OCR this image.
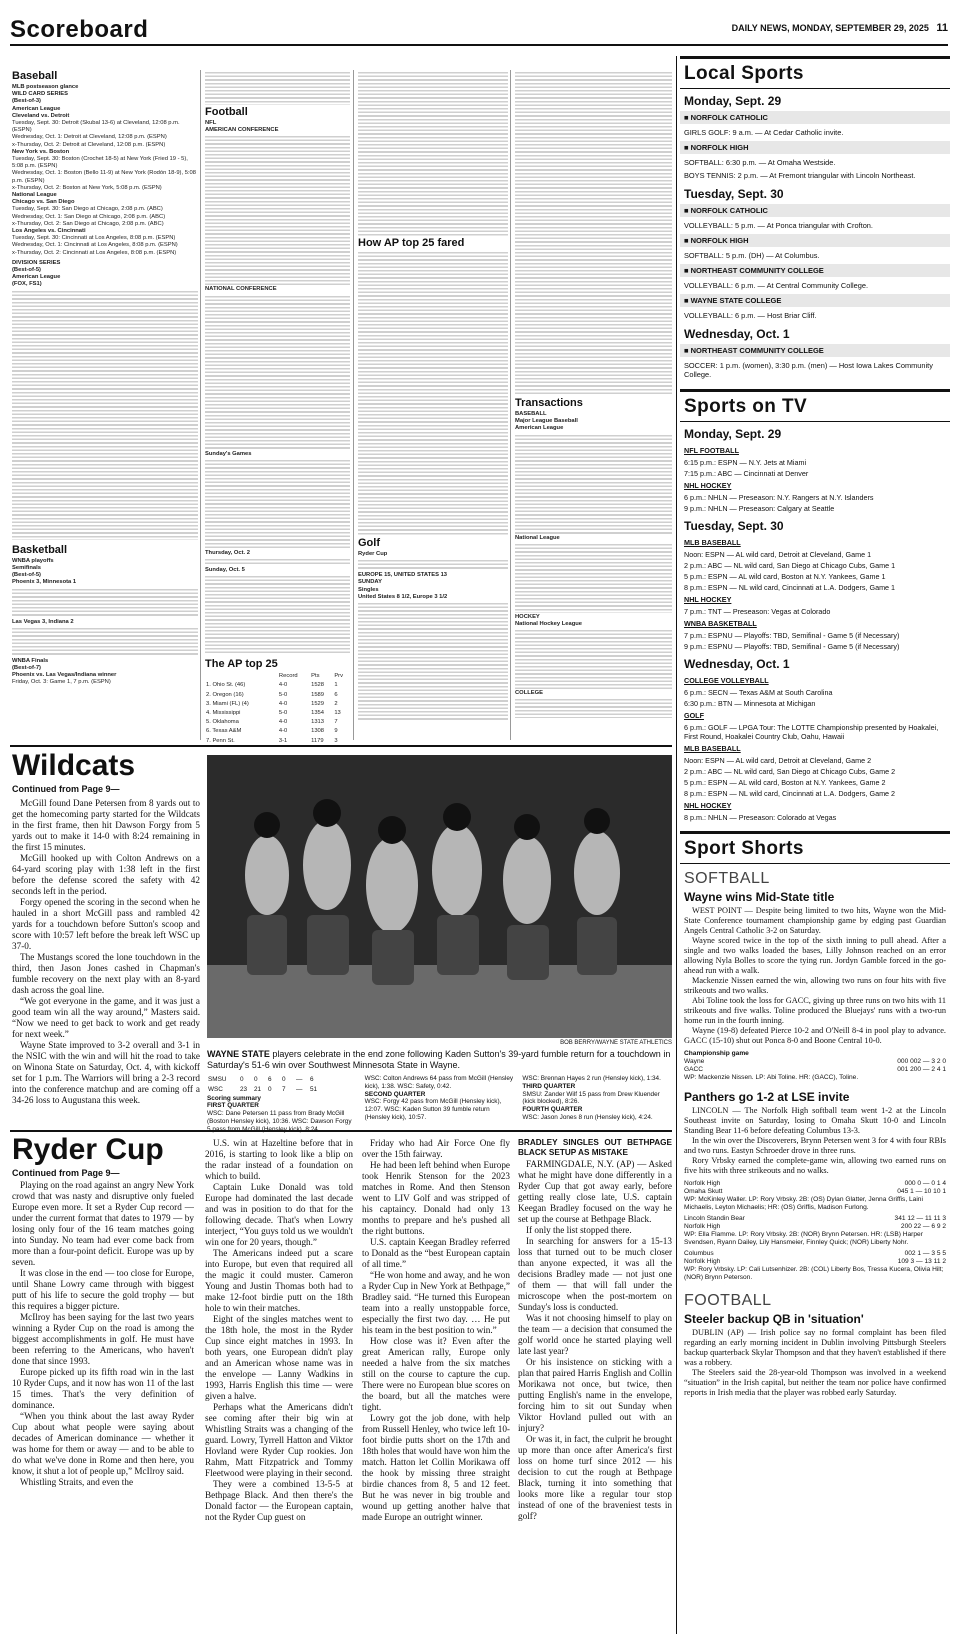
Scoreboard	DAILY NEWS, MONDAY, SEPTEMBER 29, 2025 11
Baseball

MLB postseason glance

WILD CARD SERIES

(Best-of-3)

American League

Cleveland vs. Detroit

Tuesday, Sept. 30: Detroit (Skubal 13-6) at Cleveland, 12:08 p.m. (ESPN)

Wednesday, Oct. 1: Detroit at Cleveland, 12:08 p.m. (ESPN)

x-Thursday, Oct. 2: Detroit at Cleveland, 12:08 p.m. (ESPN)

New York vs. Boston

Tuesday, Sept. 30: Boston (Crochet 18-5) at New York (Fried 19 - 5), 5:08 p.m. (ESPN)

Wednesday, Oct. 1: Boston (Bello 11-9) at New York (Rodón 18-9), 5:08 p.m. (ESPN)

x-Thursday, Oct. 2: Boston at New York, 5:08 p.m. (ESPN)

National League

Chicago vs. San Diego

Tuesday, Sept. 30: San Diego at Chicago, 2:08 p.m. (ABC)

Wednesday, Oct. 1: San Diego at Chicago, 2:08 p.m. (ABC)

x-Thursday, Oct. 2: San Diego at Chicago, 2:08 p.m. (ABC)

Los Angeles vs. Cincinnati

Tuesday, Sept. 30: Cincinnati at Los Angeles, 8:08 p.m. (ESPN)

Wednesday, Oct. 1: Cincinnati at Los Angeles, 8:08 p.m. (ESPN)

x-Thursday, Oct. 2: Cincinnati at Los Angeles, 8:08 p.m. (ESPN)

DIVISION SERIES

(Best-of-5)

American League

(FOX, FS1)

Basketball

WNBA playoffs

Semifinals

(Best-of-5)

Phoenix 3, Minnesota 1

Las Vegas 3, Indiana 2

WNBA Finals

(Best-of-7)

Phoenix vs. Las Vegas/Indiana winner

Friday, Oct. 3: Game 1, 7 p.m. (ESPN)

Football

NFL

AMERICAN CONFERENCE

NATIONAL CONFERENCE

Sunday's Games

Thursday, Oct. 2

Sunday, Oct. 5

The AP top 25
		Record	Pts	Prv
1. Ohio St. (46)		4-0	1528	1
2. Oregon (16)		5-0	1589	6
3. Miami (FL) (4)		4-0	1529	2
4. Mississippi		5-0	1354	13
5. Oklahoma		4-0	1313	7
6. Texas A&M		4-0	1308	9
7. Penn St.		3-1	1179	3
How AP top 25 fared
Golf

Ryder Cup

EUROPE 15, UNITED STATES 13

SUNDAY

Singles

United States 8 1/2, Europe 3 1/2

Transactions

BASEBALL

Major League Baseball

American League

National League

HOCKEY

National Hockey League

COLLEGE

Wildcats
Continued from Page 9—

McGill found Dane Petersen from 8 yards out to get the homecoming party started for the Wildcats in the first frame, then hit Dawson Forgy from 5 yards out to make it 14-0 with 8:24 remaining in the first 15 minutes.

McGill hooked up with Colton Andrews on a 64-yard scoring play with 1:38 left in the first before the defense scored the safety with 42 seconds left in the period.

Forgy opened the scoring in the second when he hauled in a short McGill pass and rambled 42 yards for a touchdown before Sutton's scoop and score with 10:57 left before the break left WSC up 37-0.

The Mustangs scored the lone touchdown in the third, then Jason Jones cashed in Chapman's fumble recovery on the next play with an 8-yard dash across the goal line.

“We got everyone in the game, and it was just a good team win all the way around,” Masters said. “Now we need to get back to work and get ready for next week.”

Wayne State improved to 3-2 overall and 3-1 in the NSIC with the win and will hit the road to take on Winona State on Saturday, Oct. 4, with kickoff set for 1 p.m. The Warriors will bring a 2-3 record into the conference matchup and are coming off a 34-26 loss to Augustana this week.

BOB BERRY/WAYNE STATE ATHLETICS
WAYNE STATE players celebrate in the end zone following Kaden Sutton's 39-yard fumble return for a touchdown in Saturday's 51-6 win over Southwest Minnesota State in Wayne.
SMSU	0	0	6	0	—	6
WSC	23	21	0	7	—	51
Scoring summary
FIRST QUARTER
WSC: Dane Petersen 11 pass from Brady McGill (Boston Hensley kick), 10:36. WSC: Dawson Forgy 5 pass from McGill (Hensley kick), 8:24.
WSC: Colton Andrews 64 pass from McGill (Hensley kick), 1:38. WSC: Safety, 0:42.
SECOND QUARTER
WSC: Forgy 42 pass from McGill (Hensley kick), 12:07. WSC: Kaden Sutton 39 fumble return (Hensley kick), 10:57.
WSC: Brennan Hayes 2 run (Hensley kick), 1:34.
THIRD QUARTER
SMSU: Zander Wilf 15 pass from Drew Kluender (kick blocked), 8:26.
FOURTH QUARTER
WSC: Jason Jones 8 run (Hensley kick), 4:24.
Ryder Cup
Continued from Page 9—

Playing on the road against an angry New York crowd that was nasty and disruptive only fueled Europe even more. It set a Ryder Cup record — under the current format that dates to 1979 — by losing only four of the 16 team matches going into Sunday. No team had ever come back from more than a four-point deficit. Europe was up by seven.

It was close in the end — too close for Europe, until Shane Lowry came through with biggest putt of his life to secure the gold trophy — but this requires a bigger picture.

McIlroy has been saying for the last two years winning a Ryder Cup on the road is among the biggest accomplishments in golf. He must have been referring to the Americans, who haven't done that since 1993.

Europe picked up its fifth road win in the last 10 Ryder Cups, and it now has won 11 of the last 15 times. That's the very definition of dominance.

“When you think about the last away Ryder Cup about what people were saying about decades of American dominance — whether it was home for them or away — and to be able to do what we've done in Rome and then here, you know, it shut a lot of people up,” McIlroy said.

Whistling Straits, and even the

U.S. win at Hazeltine before that in 2016, is starting to look like a blip on the radar instead of a foundation on which to build.

Captain Luke Donald was told Europe had dominated the last decade and was in position to do that for the following decade. That's when Lowry interject, “You guys told us we wouldn't win one for 20 years, though.”

The Americans indeed put a scare into Europe, but even that required all the magic it could muster. Cameron Young and Justin Thomas both had to make 12-foot birdie putt on the 18th hole to win their matches.

Eight of the singles matches went to the 18th hole, the most in the Ryder Cup since eight matches in 1993. In both years, one European didn't play and an American whose name was in the envelope — Lanny Wadkins in 1993, Harris English this time — were given a halve.

Perhaps what the Americans didn't see coming after their big win at Whistling Straits was a changing of the guard. Lowry, Tyrrell Hatton and Viktor Hovland were Ryder Cup rookies. Jon Rahm, Matt Fitzpatrick and Tommy Fleetwood were playing in their second.

They were a combined 13-5-5 at Bethpage Black. And then there's the Donald factor — the European captain, not the Ryder Cup guest on

Friday who had Air Force One fly over the 15th fairway.

He had been left behind when Europe took Henrik Stenson for the 2023 matches in Rome. And then Stenson went to LIV Golf and was stripped of his captaincy. Donald had only 13 months to prepare and he's pushed all the right buttons.

U.S. captain Keegan Bradley referred to Donald as the “best European captain of all time.”

“He won home and away, and he won a Ryder Cup in New York at Bethpage,” Bradley said. “He turned this European team into a really unstoppable force, especially the first two day. … He put his team in the best position to win.”

How close was it? Even after the great American rally, Europe only needed a halve from the six matches still on the course to capture the cup. There were no European blue scores on the board, but all the matches were tight.

Lowry got the job done, with help from Russell Henley, who twice left 10-foot birdie putts short on the 17th and 18th holes that would have won him the match. Hatton let Collin Morikawa off the hook by missing three straight birdie chances from 8, 5 and 12 feet. But he was never in big trouble and wound up getting another halve that made Europe an outright winner.

BRADLEY SINGLES OUT BETHPAGE BLACK SETUP AS MISTAKE

FARMINGDALE, N.Y. (AP) — Asked what he might have done differently in a Ryder Cup that got away early, before getting really close late, U.S. captain Keegan Bradley focused on the way he set up the course at Bethpage Black.

If only the list stopped there.

In searching for answers for a 15-13 loss that turned out to be much closer than anyone expected, it was all the decisions Bradley made — not just one of them — that will fall under the microscope when the post-mortem on Sunday's loss is conducted.

Was it not choosing himself to play on the team — a decision that consumed the golf world once he started playing well late last year?

Or his insistence on sticking with a plan that paired Harris English and Collin Morikawa not once, but twice, then putting English's name in the envelope, forcing him to sit out Sunday when Viktor Hovland pulled out with an injury?

Or was it, in fact, the culprit he brought up more than once after America's first loss on home turf since 2012 — his decision to cut the rough at Bethpage Black, turning it into something that looks more like a regular tour stop instead of one of the braveniest tests in golf?

Local Sports
Monday, Sept. 29
■ NORFOLK CATHOLIC
GIRLS GOLF: 9 a.m. — At Cedar Catholic invite.
■ NORFOLK HIGH
SOFTBALL: 6:30 p.m. — At Omaha Westside.
BOYS TENNIS: 2 p.m. — At Fremont triangular with Lincoln Northeast.
Tuesday, Sept. 30
■ NORFOLK CATHOLIC
VOLLEYBALL: 5 p.m. — At Ponca triangular with Crofton.
■ NORFOLK HIGH
SOFTBALL: 5 p.m. (DH) — At Columbus.
■ NORTHEAST COMMUNITY COLLEGE
VOLLEYBALL: 6 p.m. — At Central Community College.
■ WAYNE STATE COLLEGE
VOLLEYBALL: 6 p.m. — Host Briar Cliff.
Wednesday, Oct. 1
■ NORTHEAST COMMUNITY COLLEGE
SOCCER: 1 p.m. (women), 3:30 p.m. (men) — Host Iowa Lakes Community College.
Sports on TV
Monday, Sept. 29
NFL FOOTBALL
6:15 p.m.: ESPN — N.Y. Jets at Miami
7:15 p.m.: ABC — Cincinnati at Denver
NHL HOCKEY
6 p.m.: NHLN — Preseason: N.Y. Rangers at N.Y. Islanders
9 p.m.: NHLN — Preseason: Calgary at Seattle
Tuesday, Sept. 30
MLB BASEBALL
Noon: ESPN — AL wild card, Detroit at Cleveland, Game 1
2 p.m.: ABC — NL wild card, San Diego at Chicago Cubs, Game 1
5 p.m.: ESPN — AL wild card, Boston at N.Y. Yankees, Game 1
8 p.m.: ESPN — NL wild card, Cincinnati at L.A. Dodgers, Game 1
NHL HOCKEY
7 p.m.: TNT — Preseason: Vegas at Colorado
WNBA BASKETBALL
7 p.m.: ESPNU — Playoffs: TBD, Semifinal - Game 5 (if Necessary)
9 p.m.: ESPNU — Playoffs: TBD, Semifinal - Game 5 (if Necessary)
Wednesday, Oct. 1
COLLEGE VOLLEYBALL
6 p.m.: SECN — Texas A&M at South Carolina
6:30 p.m.: BTN — Minnesota at Michigan
GOLF
6 p.m.: GOLF — LPGA Tour: The LOTTE Championship presented by Hoakalei, First Round, Hoakalei Country Club, Oahu, Hawaii
MLB BASEBALL
Noon: ESPN — AL wild card, Detroit at Cleveland, Game 2
2 p.m.: ABC — NL wild card, San Diego at Chicago Cubs, Game 2
5 p.m.: ESPN — AL wild card, Boston at N.Y. Yankees, Game 2
8 p.m.: ESPN — NL wild card, Cincinnati at L.A. Dodgers, Game 2
NHL HOCKEY
8 p.m.: NHLN — Preseason: Colorado at Vegas
Sport Shorts
SOFTBALL
Wayne wins Mid-State title

WEST POINT — Despite being limited to two hits, Wayne won the Mid-State Conference tournament championship game by edging past Guardian Angels Central Catholic 3-2 on Saturday.

Wayne scored twice in the top of the sixth inning to pull ahead. After a single and two walks loaded the bases, Lilly Johnson reached on an error allowing Nyla Bolles to score the tying run. Jordyn Gamble forced in the go-ahead run with a walk.

Mackenzie Nissen earned the win, allowing two runs on four hits with five strikeouts and two walks.

Abi Toline took the loss for GACC, giving up three runs on two hits with 11 strikeouts and five walks. Toline produced the Bluejays' runs with a two-run home run in the fourth inning.

Wayne (19-8) defeated Pierce 10-2 and O'Neill 8-4 in pool play to advance. GACC (15-10) shut out Ponca 8-0 and Boone Central 10-0.

Championship game
Wayne	000 002 — 3 2 0
GACC	001 200 — 2 4 1
WP: Mackenzie Nissen. LP: Abi Toline. HR: (GACC), Toline.
Panthers go 1-2 at LSE invite

LINCOLN — The Norfolk High softball team went 1-2 at the Lincoln Southeast invite on Saturday, losing to Omaha Skutt 10-0 and Lincoln Standing Bear 11-6 before defeating Columbus 13-3.

In the win over the Discoverers, Brynn Petersen went 3 for 4 with four RBIs and two runs. Eastyn Schroeder drove in three runs.

Rory Vrbsky earned the complete-game win, allowing two earned runs on five hits with three strikeouts and no walks.

Norfolk High	000 0 — 0 1 4
Omaha Skutt	045 1 — 10 10 1
WP: McKinley Waller. LP: Rory Vrbsky. 2B: (OS) Dylan Glatter, Jenna Griffis, Laini Michaelis, Leyton Michaelis; HR: (OS) Griffis, Madison Furlong.
Lincoln Standin Bear	341 12 — 11 11 3
Norfolk High	200 22 — 6 9 2
WP: Ella Flamme. LP: Rory Vrbsky. 2B: (NOR) Brynn Petersen. HR: (LSB) Harper Svendsen, Ryann Dailey, Lily Hansmeier, Finnley Quick; (NOR) Liberty Nohr.
Columbus	002 1 — 3 5 5
Norfolk High	109 3 — 13 11 2
WP: Rory Vrbsky. LP: Cali Lutsenhizer. 2B: (COL) Liberty Bos, Tressa Kucera, Olivia Hilt; (NOR) Brynn Peterson.
FOOTBALL
Steeler backup QB in 'situation'

DUBLIN (AP) — Irish police say no formal complaint has been filed regarding an early morning incident in Dublin involving Pittsburgh Steelers backup quarterback Skylar Thompson and that they haven't established if there was a robbery.

The Steelers said the 28-year-old Thompson was involved in a weekend “situation” in the Irish capital, but neither the team nor police have confirmed reports in Irish media that the player was robbed early Saturday.
